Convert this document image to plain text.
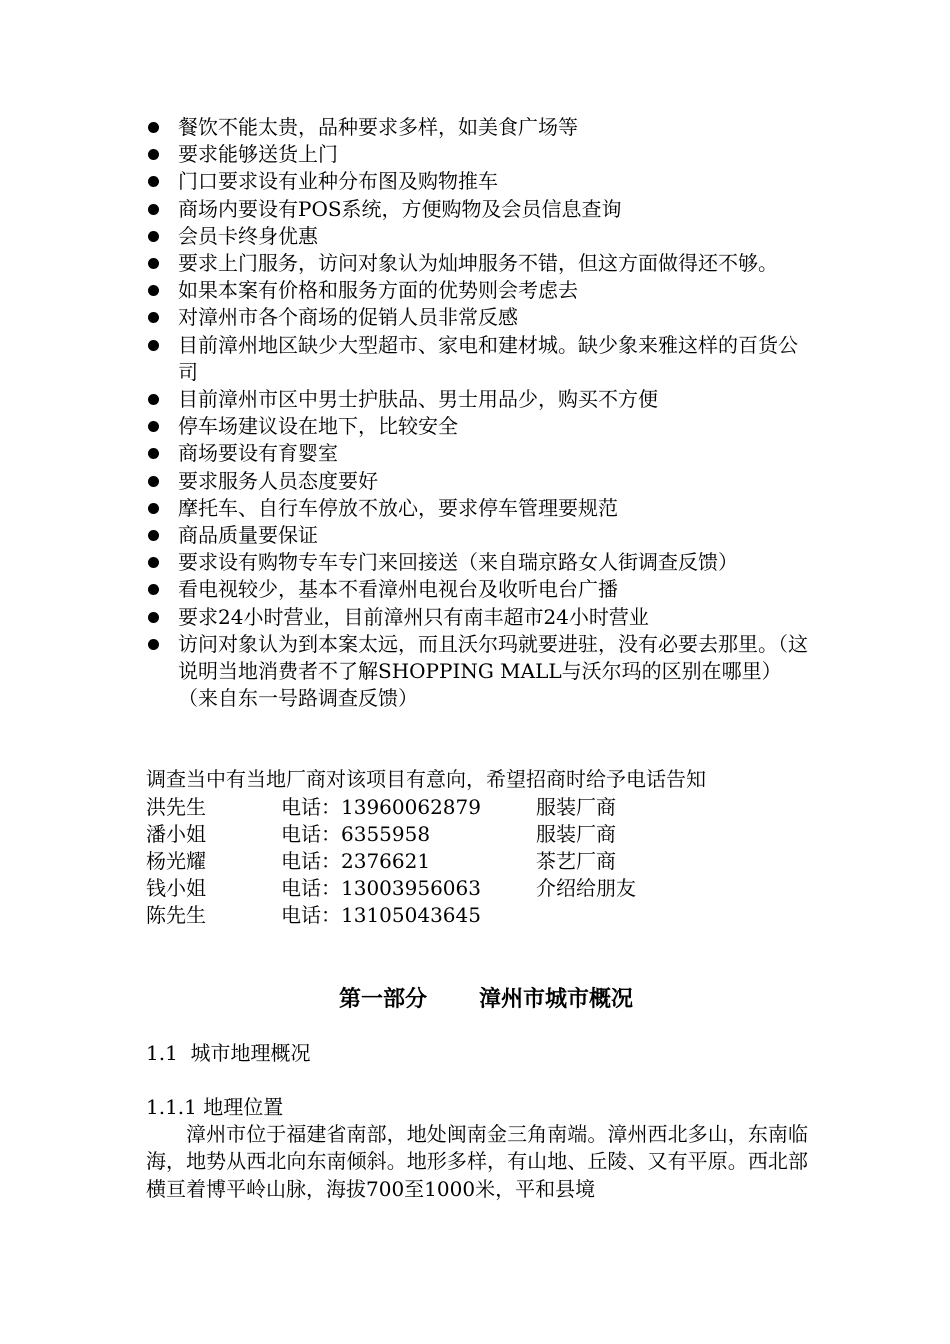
餐饮不能太贵，品种要求多样，如美食广场等
要求能够送货上门
门口要求设有业种分布图及购物推车
商场内要设有POS系统，方便购物及会员信息查询
会员卡终身优惠
要求上门服务，访问对象认为灿坤服务不错，但这方面做得还不够。
如果本案有价格和服务方面的优势则会考虑去
对漳州市各个商场的促销人员非常反感
目前漳州地区缺少大型超市、家电和建材城。缺少象来雅这样的百货公司
目前漳州市区中男士护肤品、男士用品少，购买不方便
停车场建议设在地下，比较安全
商场要设有育婴室
要求服务人员态度要好
摩托车、自行车停放不放心，要求停车管理要规范
商品质量要保证
要求设有购物专车专门来回接送（来自瑞京路女人街调查反馈）
看电视较少，基本不看漳州电视台及收听电台广播
要求24小时营业，目前漳州只有南丰超市24小时营业
访问对象认为到本案太远，而且沃尔玛就要进驻，没有必要去那里。（这说明当地消费者不了解SHOPPING MALL与沃尔玛的区别在哪里）（来自东一号路调查反馈）
调查当中有当地厂商对该项目有意向，希望招商时给予电话告知
洪先生	电话：13960062879	服装厂商
潘小姐	电话：6355958	服装厂商
杨光耀	电话：2376621	茶艺厂商
钱小姐	电话：13003956063	介绍给朋友
陈先生	电话：13105043645
第一部分 漳州市城市概况
1.1  城市地理概况
1.1.1 地理位置
漳州市位于福建省南部，地处闽南金三角南端。漳州西北多山，东南临海，地势从西北向东南倾斜。地形多样，有山地、丘陵、又有平原。西北部横亘着博平岭山脉，海拔700至1000米，平和县境
